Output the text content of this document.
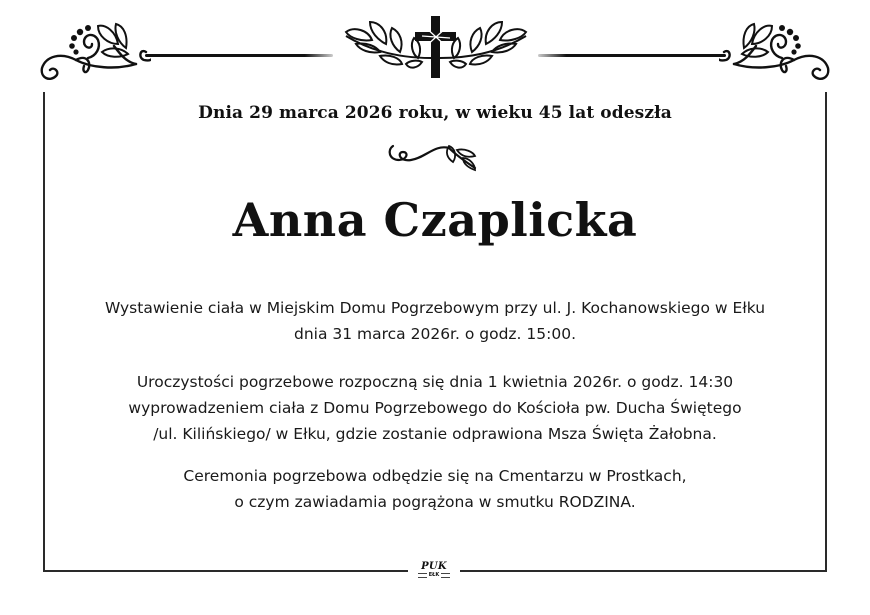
Dnia 29 marca 2026 roku, w wieku 45 lat odeszła
Anna Czaplicka
Wystawienie ciała w Miejskim Domu Pogrzebowym przy ul. J. Kochanowskiego w Ełku
dnia 31 marca 2026r. o godz. 15:00.
Uroczystości pogrzebowe rozpoczną się dnia 1 kwietnia 2026r. o godz. 14:30
wyprowadzeniem ciała z Domu Pogrzebowego do Kościoła pw. Ducha Świętego
/ul. Kilińskiego/ w Ełku, gdzie zostanie odprawiona Msza Święta Żałobna.
Ceremonia pogrzebowa odbędzie się na Cmentarzu w Prostkach,
o czym zawiadamia pogrążona w smutku RODZINA.
PUK
EŁK
